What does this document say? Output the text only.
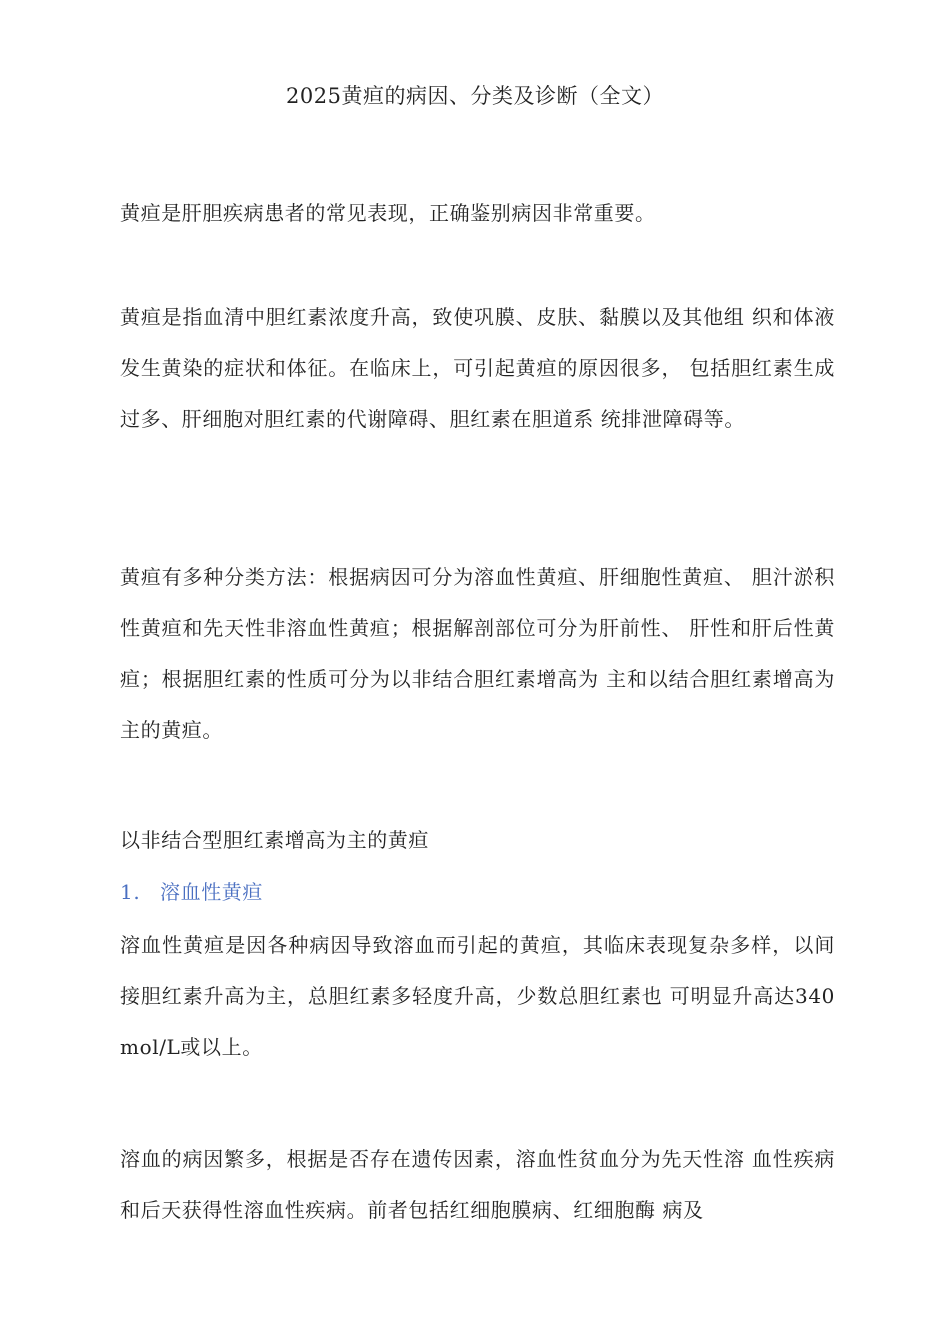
2025黄疸的病因、分类及诊断（全文）

黄疸是肝胆疾病患者的常见表现，正确鉴别病因非常重要。

黄疸是指血清中胆红素浓度升高，致使巩膜、皮肤、黏膜以及其他组 织和体液发生黄染的症状和体征。在临床上，可引起黄疸的原因很多， 包括胆红素生成过多、肝细胞对胆红素的代谢障碍、胆红素在胆道系 统排泄障碍等。

黄疸有多种分类方法：根据病因可分为溶血性黄疸、肝细胞性黄疸、 胆汁淤积性黄疸和先天性非溶血性黄疸；根据解剖部位可分为肝前性、 肝性和肝后性黄疸；根据胆红素的性质可分为以非结合胆红素增高为 主和以结合胆红素增高为主的黄疸。

以非结合型胆红素增高为主的黄疸

1. 溶血性黄疸

溶血性黄疸是因各种病因导致溶血而引起的黄疸，其临床表现复杂多样，以间接胆红素升高为主，总胆红素多轻度升高，少数总胆红素也 可明显升高达340 mol/L或以上。

溶血的病因繁多，根据是否存在遗传因素，溶血性贫血分为先天性溶 血性疾病和后天获得性溶血性疾病。前者包括红细胞膜病、红细胞酶 病及
